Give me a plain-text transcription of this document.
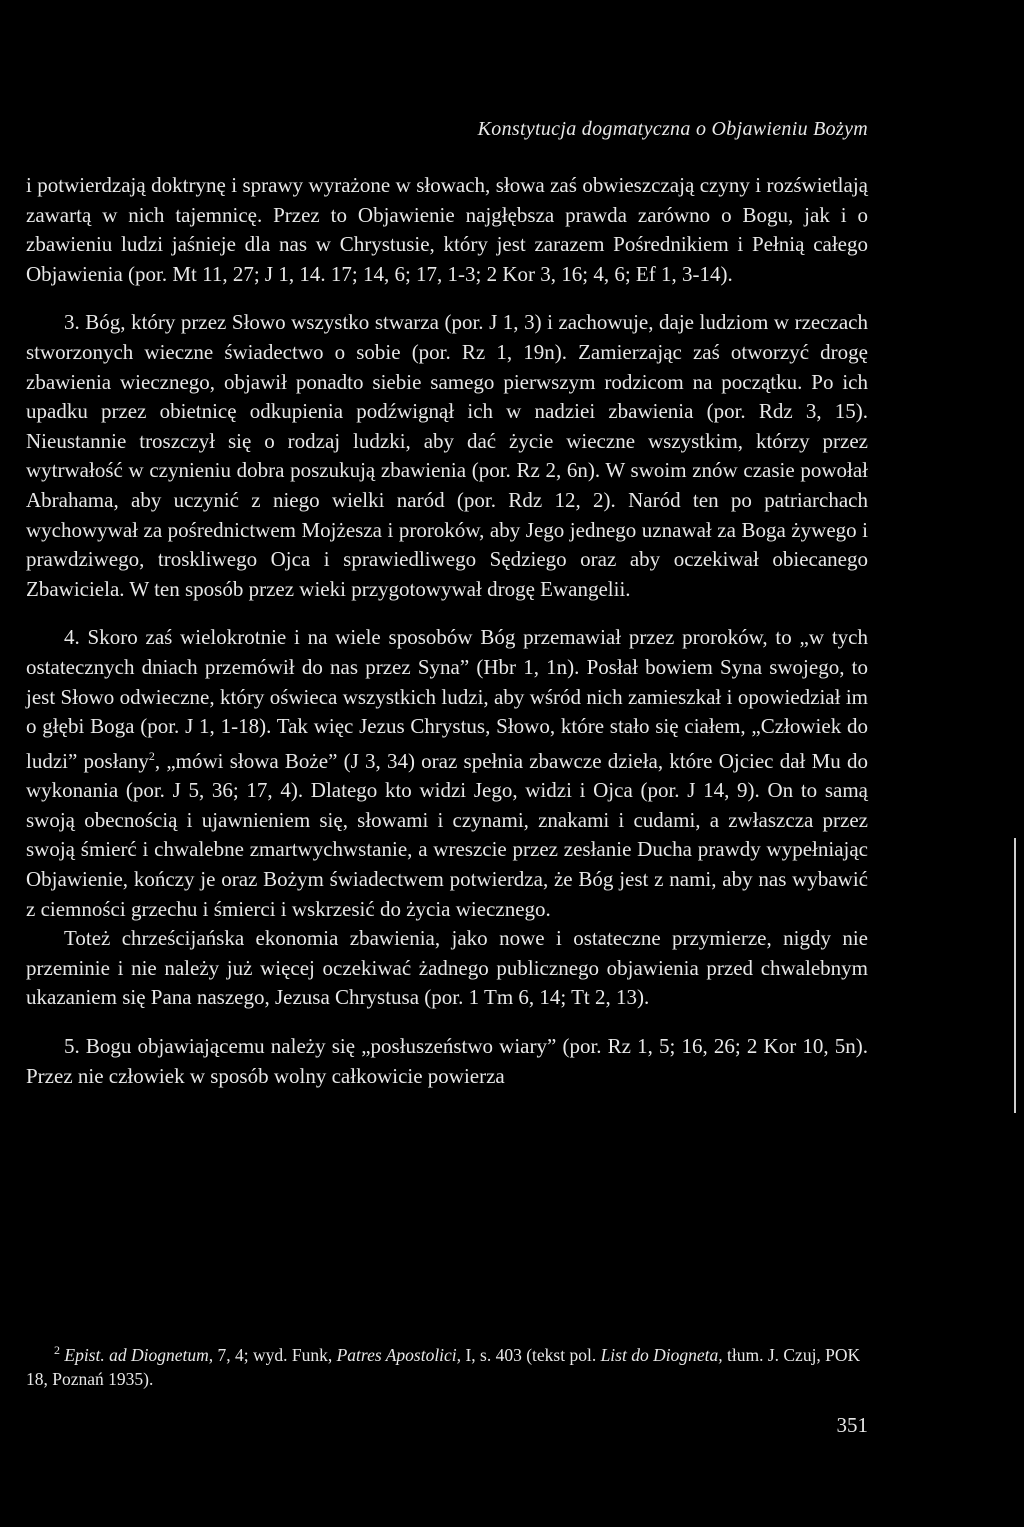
Konstytucja dogmatyczna o Objawieniu Bożym

i potwierdzają doktrynę i sprawy wyrażone w słowach, słowa zaś obwieszczają czyny i rozświetlają zawartą w nich tajemnicę. Przez to Objawienie najgłębsza prawda zarówno o Bogu, jak i o zbawieniu ludzi jaśnieje dla nas w Chrystusie, który jest zarazem Pośrednikiem i Pełnią całego Objawienia (por. Mt 11, 27; J 1, 14. 17; 14, 6; 17, 1-3; 2 Kor 3, 16; 4, 6; Ef 1, 3-14).

3. Bóg, który przez Słowo wszystko stwarza (por. J 1, 3) i zachowuje, daje ludziom w rzeczach stworzonych wieczne świadectwo o sobie (por. Rz 1, 19n). Zamierzając zaś otworzyć drogę zbawienia wiecznego, objawił ponadto siebie samego pierwszym rodzicom na początku. Po ich upadku przez obietnicę odkupienia podźwignął ich w nadziei zbawienia (por. Rdz 3, 15). Nieustannie troszczył się o rodzaj ludzki, aby dać życie wieczne wszystkim, którzy przez wytrwałość w czynieniu dobra poszukują zbawienia (por. Rz 2, 6n). W swoim znów czasie powołał Abrahama, aby uczynić z niego wielki naród (por. Rdz 12, 2). Naród ten po patriarchach wychowywał za pośrednictwem Mojżesza i proroków, aby Jego jednego uznawał za Boga żywego i prawdziwego, troskliwego Ojca i sprawiedliwego Sędziego oraz aby oczekiwał obiecanego Zbawiciela. W ten sposób przez wieki przygotowywał drogę Ewangelii.

4. Skoro zaś wielokrotnie i na wiele sposobów Bóg przemawiał przez proroków, to „w tych ostatecznych dniach przemówił do nas przez Syna” (Hbr 1, 1n). Posłał bowiem Syna swojego, to jest Słowo odwieczne, który oświeca wszystkich ludzi, aby wśród nich zamieszkał i opowiedział im o głębi Boga (por. J 1, 1-18). Tak więc Jezus Chrystus, Słowo, które stało się ciałem, „Człowiek do ludzi” posłany$^2$, „mówi słowa Boże” (J 3, 34) oraz spełnia zbawcze dzieła, które Ojciec dał Mu do wykonania (por. J 5, 36; 17, 4). Dlatego kto widzi Jego, widzi i Ojca (por. J 14, 9). On to samą swoją obecnością i ujawnieniem się, słowami i czynami, znakami i cudami, a zwłaszcza przez swoją śmierć i chwalebne zmartwychwstanie, a wreszcie przez zesłanie Ducha prawdy wypełniając Objawienie, kończy je oraz Bożym świadectwem potwierdza, że Bóg jest z nami, aby nas wybawić z ciemności grzechu i śmierci i wskrzesić do życia wiecznego.

Toteż chrześcijańska ekonomia zbawienia, jako nowe i ostateczne przymierze, nigdy nie przeminie i nie należy już więcej oczekiwać żadnego publicznego objawienia przed chwalebnym ukazaniem się Pana naszego, Jezusa Chrystusa (por. 1 Tm 6, 14; Tt 2, 13).

5. Bogu objawiającemu należy się „posłuszeństwo wiary” (por. Rz 1, 5; 16, 26; 2 Kor 10, 5n). Przez nie człowiek w sposób wolny całkowicie powierza

$^2$ Epist. ad Diognetum, 7, 4; wyd. Funk, Patres Apostolici, I, s. 403 (tekst pol. List do Diogneta, tłum. J. Czuj, POK 18, Poznań 1935).
351
